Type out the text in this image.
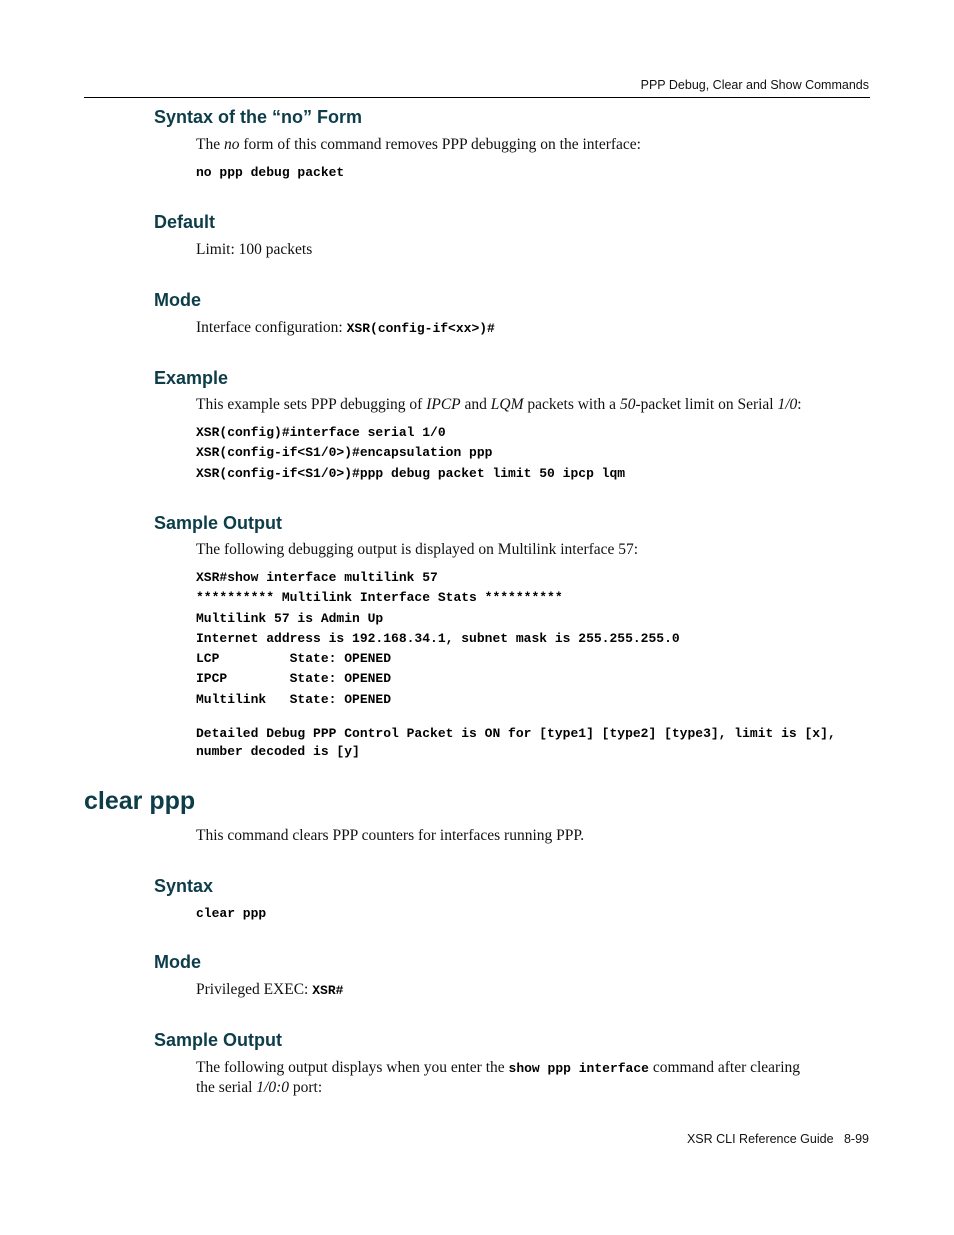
PPP Debug, Clear and Show Commands
Syntax of the “no” Form
The no form of this command removes PPP debugging on the interface:
no ppp debug packet
Default
Limit: 100 packets
Mode
Interface configuration: XSR(config-if<xx>)#
Example
This example sets PPP debugging of IPCP and LQM packets with a 50-packet limit on Serial 1/0:
XSR(config)#interface serial 1/0
XSR(config-if<S1/0>)#encapsulation ppp
XSR(config-if<S1/0>)#ppp debug packet limit 50 ipcp lqm
Sample Output
The following debugging output is displayed on Multilink interface 57:
XSR#show interface multilink 57
********** Multilink Interface Stats **********
Multilink 57 is Admin Up
Internet address is 192.168.34.1, subnet mask is 255.255.255.0
LCP         State: OPENED
IPCP        State: OPENED
Multilink   State: OPENED
Detailed Debug PPP Control Packet is ON for [type1] [type2] [type3], limit is [x],
number decoded is [y]
clear ppp
This command clears PPP counters for interfaces running PPP.
Syntax
clear ppp
Mode
Privileged EXEC: XSR#
Sample Output
The following output displays when you enter the show ppp interface command after clearing
the serial 1/0:0 port:
XSR CLI Reference Guide 8-99
